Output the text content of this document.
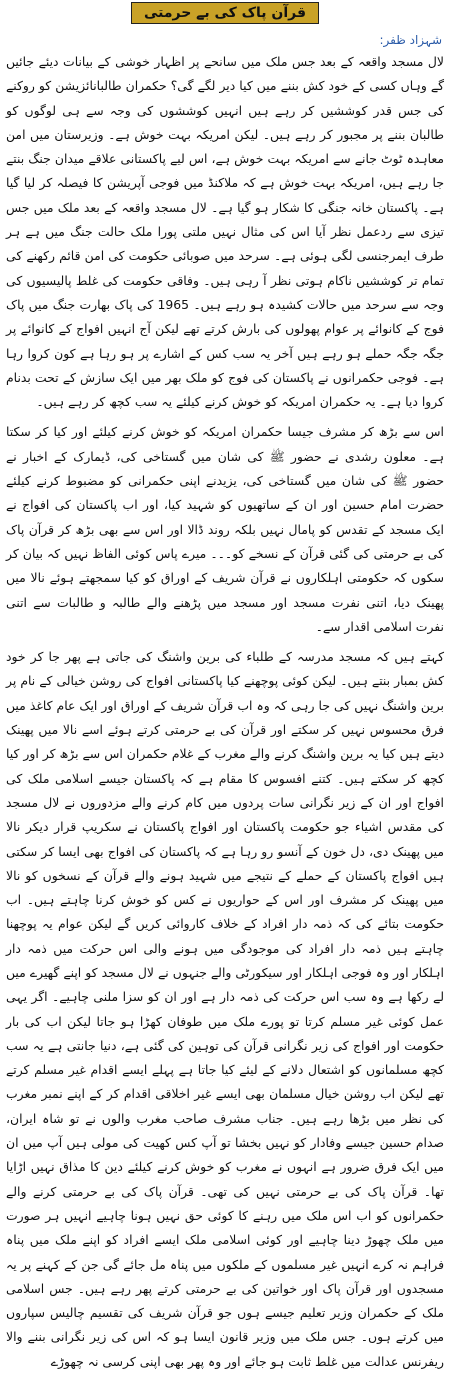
قرآن پاک کی بے حرمتی
شہزاد ظفر:

لال مسجد واقعہ کے بعد جس ملک میں سانحے پر اظہار خوشی کے بیانات دیئے جائیں گے وہاں کسی کے خود کش بننے میں کیا دیر لگے گی؟ حکمران طالبانائزیشن کو روکنے کی جس قدر کوششیں کر رہے ہیں انہیں کوششوں کی وجہ سے ہی لوگوں کو طالبان بننے پر مجبور کر رہے ہیں۔ لیکن امریکہ بہت خوش ہے۔ وزیرستان میں امن معاہدہ ٹوٹ جانے سے امریکہ بہت خوش ہے، اس لیے پاکستانی علاقے میدان جنگ بنتے جا رہے ہیں، امریکہ بہت خوش ہے کہ ملاکنڈ میں فوجی آپریشن کا فیصلہ کر لیا گیا ہے۔ پاکستان خانہ جنگی کا شکار ہو گیا ہے۔ لال مسجد واقعہ کے بعد ملک میں جس تیزی سے ردعمل نظر آیا اس کی مثال نہیں ملتی پورا ملک حالت جنگ میں ہے ہر طرف ایمرجنسی لگی ہوئی ہے۔ سرحد میں صوبائی حکومت کی امن قائم رکھنے کی تمام تر کوششیں ناکام ہوتی نظر آ رہی ہیں۔ وفاقی حکومت کی غلط پالیسیوں کی وجہ سے سرحد میں حالات کشیدہ ہو رہے ہیں۔ 1965 کی پاک بھارت جنگ میں پاک فوج کے کانوائے پر عوام پھولوں کی بارش کرتے تھے لیکن آج انہیں افواج کے کانوائے پر جگہ جگہ حملے ہو رہے ہیں آخر یہ سب کس کے اشارے پر ہو رہا ہے کون کروا رہا ہے۔ فوجی حکمرانوں نے پاکستان کی فوج کو ملک بھر میں ایک سازش کے تحت بدنام کروا دیا ہے۔ یہ حکمران امریکہ کو خوش کرنے کیلئے یہ سب کچھ کر رہے ہیں۔

اس سے بڑھ کر مشرف جیسا حکمران امریکہ کو خوش کرنے کیلئے اور کیا کر سکتا ہے۔ معلون رشدی نے حضور ﷺ کی شان میں گستاخی کی، ڈیمارک کے اخبار نے حضور ﷺ کی شان میں گستاخی کی، یزیدنے اپنی حکمرانی کو مضبوط کرنے کیلئے حضرت امام حسین اور ان کے ساتھیوں کو شہید کیا، اور اب پاکستان کی افواج نے ایک مسجد کے تقدس کو پامال نہیں بلکہ روند ڈالا اور اس سے بھی بڑھ کر قرآن پاک کی بے حرمتی کی گئی قرآن کے نسخے کو۔۔۔ میرے پاس کوئی الفاظ نہیں کہ بیان کر سکوں کہ حکومتی اہلکاروں نے قرآن شریف کے اوراق کو کیا سمجھتے ہوئے نالا میں پھینک دیا، اتنی نفرت مسجد اور مسجد میں پڑھنے والے طالبہ و طالبات سے اتنی نفرت اسلامی اقدار سے۔

کہتے ہیں کہ مسجد مدرسہ کے طلباء کی برین واشنگ کی جاتی ہے پھر جا کر خود کش بمبار بنتے ہیں۔ لیکن کوئی پوچھنے کیا پاکستانی افواج کی روشن خیالی کے نام پر برین واشنگ نہیں کی جا رہی کہ وہ اب قرآن شریف کے اوراق اور ایک عام کاغذ میں فرق محسوس نہیں کر سکتے اور قرآن کی بے حرمتی کرتے ہوئے اسے نالا میں پھینک دیتے ہیں کیا یہ برین واشنگ کرنے والے مغرب کے غلام حکمران اس سے بڑھ کر اور کیا کچھ کر سکتے ہیں۔ کتنے افسوس کا مقام ہے کہ پاکستان جیسے اسلامی ملک کی افواج اور ان کے زیر نگرانی سات پردوں میں کام کرنے والے مزدوروں نے لال مسجد کی مقدس اشیاء جو حکومت پاکستان اور افواج پاکستان نے سکریپ قرار دیکر نالا میں پھینک دی، دل خون کے آنسو رو رہا ہے کہ پاکستان کی افواج بھی ایسا کر سکتی ہیں افواج پاکستان کے حملے کے نتیجے میں شہید ہونے والے قرآن کے نسخوں کو نالا میں پھینک کر مشرف اور اس کے حواریوں نے کس کو خوش کرنا چاہتے ہیں۔ اب حکومت بتائے کی کہ ذمہ دار افراد کے خلاف کاروائی کریں گے لیکن عوام یہ پوچھنا چاہتے ہیں ذمہ دار افراد کی موجودگی میں ہونے والی اس حرکت میں ذمہ دار اہلکار اور وہ فوجی اہلکار اور سیکورٹی والے جنہوں نے لال مسجد کو اپنے گھیرے میں لے رکھا ہے وہ سب اس حرکت کی ذمہ دار ہے اور ان کو سزا ملنی چاہیے۔ اگر یہی عمل کوئی غیر مسلم کرتا تو پورے ملک میں طوفان کھڑا ہو جاتا لیکن اب کی بار حکومت اور افواج کی زیر نگرانی قرآن کی توہین کی گئی ہے، دنیا جانتی ہے یہ سب کچھ مسلمانوں کو اشتعال دلانے کے لیئے کیا جاتا ہے پہلے ایسے اقدام غیر مسلم کرتے تھے لیکن اب روشن خیال مسلمان بھی ایسے غیر اخلاقی اقدام کر کے اپنے نمبر مغرب کی نظر میں بڑھا رہے ہیں۔ جناب مشرف صاحب مغرب والوں نے تو شاہ ایران، صدام حسین جیسے وفادار کو نہیں بخشا تو آپ کس کھیت کی مولی ہیں آپ میں ان میں ایک فرق ضرور ہے انہوں نے مغرب کو خوش کرنے کیلئے دین کا مذاق نہیں اڑایا تھا۔ قرآن پاک کی بے حرمتی نہیں کی تھی۔ قرآن پاک کی بے حرمتی کرنے والے حکمرانوں کو اب اس ملک میں رہنے کا کوئی حق نہیں ہونا چاہیے انہیں ہر صورت میں ملک چھوڑ دینا چاہیے اور کوئی اسلامی ملک ایسے افراد کو اپنے ملک میں پناہ فراہم نہ کرے انہیں غیر مسلموں کے ملکوں میں پناہ مل جائے گی جن کے کہنے پر یہ مسجدوں اور قرآن پاک اور خواتین کی بے حرمتی کرتے پھر رہے ہیں۔ جس اسلامی ملک کے حکمران وزیر تعلیم جیسے ہوں جو قرآن شریف کی تقسیم چالیس سپاروں میں کرتے ہوں۔ جس ملک میں وزیر قانون ایسا ہو کہ اس کی زیر نگرانی بننے والا ریفرنس عدالت میں غلط ثابت ہو جائے اور وہ پھر بھی اپنی کرسی نہ چھوڑے
